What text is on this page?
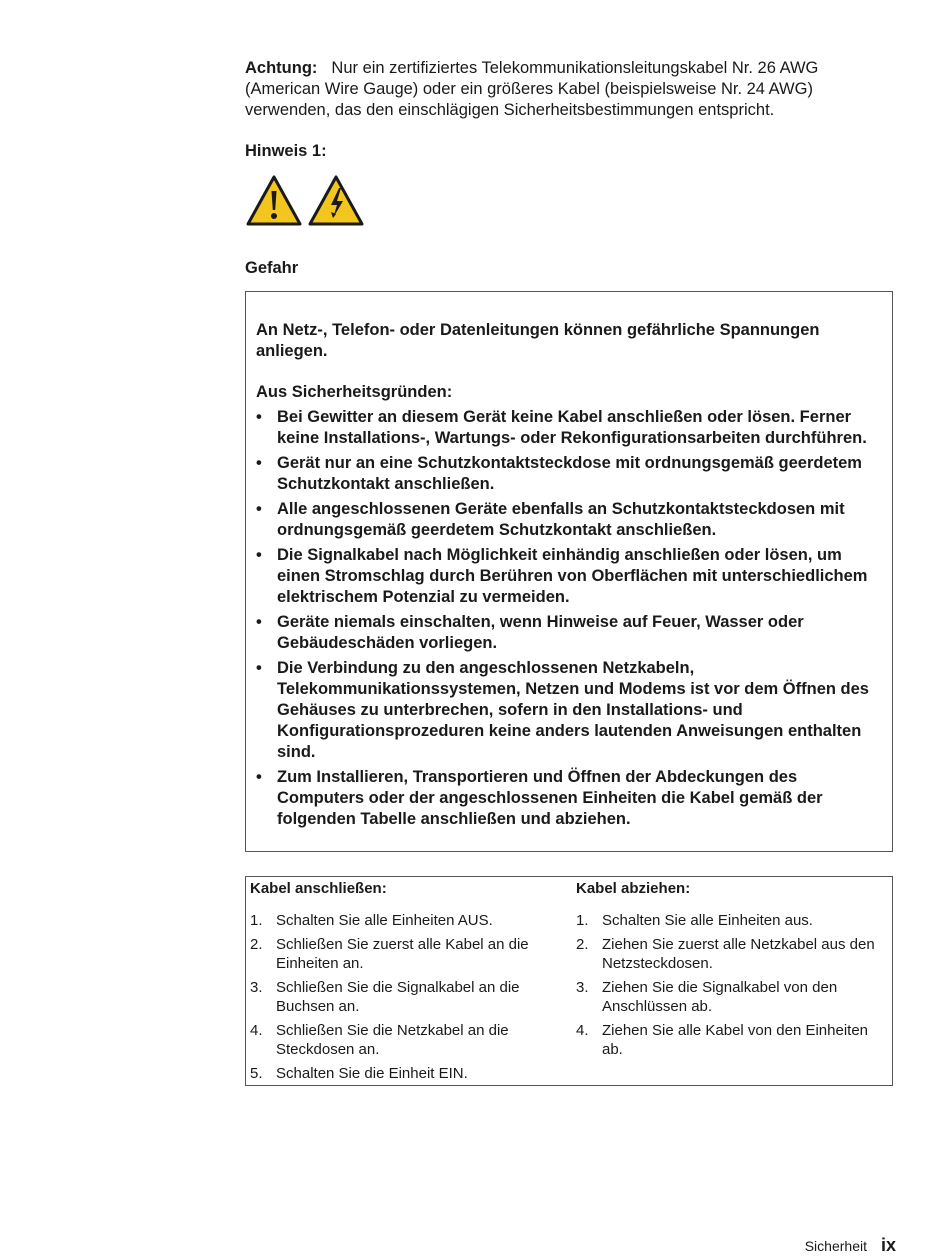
Achtung: Nur ein zertifiziertes Telekommunikationsleitungskabel Nr. 26 AWG (American Wire Gauge) oder ein größeres Kabel (beispielsweise Nr. 24 AWG) verwenden, das den einschlägigen Sicherheitsbestimmungen entspricht.

Hinweis 1:
Gefahr

An Netz-, Telefon- oder Datenleitungen können gefährliche Spannungen anliegen.

Aus Sicherheitsgründen:

• Bei Gewitter an diesem Gerät keine Kabel anschließen oder lösen. Ferner keine Installations-, Wartungs- oder Rekonfigurationsarbeiten durchführen.
• Gerät nur an eine Schutzkontaktsteckdose mit ordnungsgemäß geerdetem Schutzkontakt anschließen.
• Alle angeschlossenen Geräte ebenfalls an Schutzkontaktsteckdosen mit ordnungsgemäß geerdetem Schutzkontakt anschließen.
• Die Signalkabel nach Möglichkeit einhändig anschließen oder lösen, um einen Stromschlag durch Berühren von Oberflächen mit unterschiedlichem elektrischem Potenzial zu vermeiden.
• Geräte niemals einschalten, wenn Hinweise auf Feuer, Wasser oder Gebäudeschäden vorliegen.
• Die Verbindung zu den angeschlossenen Netzkabeln, Telekommunikationssystemen, Netzen und Modems ist vor dem Öffnen des Gehäuses zu unterbrechen, sofern in den Installations- und Konfigurationsprozeduren keine anders lautenden Anweisungen enthalten sind.
• Zum Installieren, Transportieren und Öffnen der Abdeckungen des Computers oder der angeschlossenen Einheiten die Kabel gemäß der folgenden Tabelle anschließen und abziehen.
Kabel anschließen:
1. Schalten Sie alle Einheiten AUS.
2. Schließen Sie zuerst alle Kabel an die Einheiten an.
3. Schließen Sie die Signalkabel an die Buchsen an.
4. Schließen Sie die Netzkabel an die Steckdosen an.
5. Schalten Sie die Einheit EIN.
Kabel abziehen:
1. Schalten Sie alle Einheiten aus.
2. Ziehen Sie zuerst alle Netzkabel aus den Netzsteckdosen.
3. Ziehen Sie die Signalkabel von den Anschlüssen ab.
4. Ziehen Sie alle Kabel von den Einheiten ab.
Sicherheit ix
